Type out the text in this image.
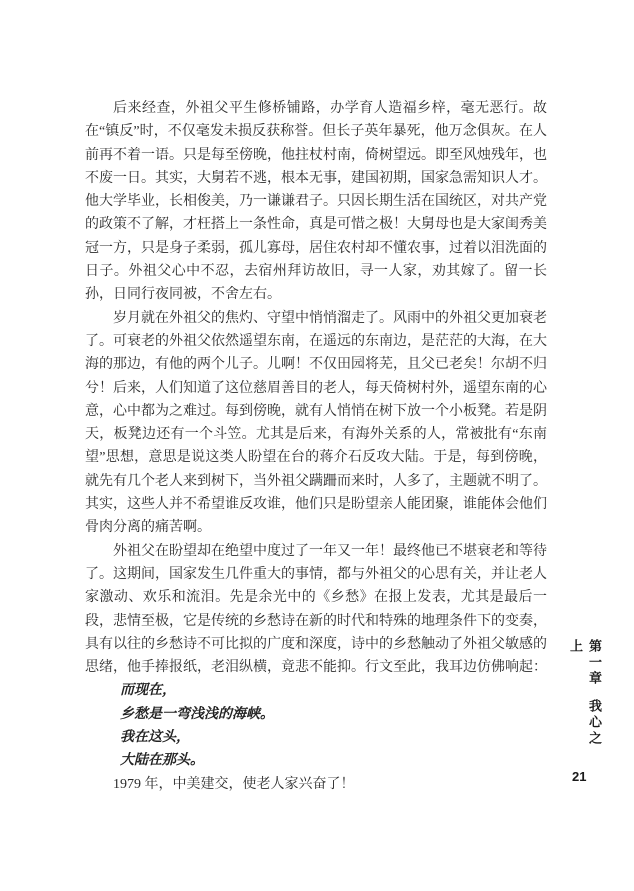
后来经查，外祖父平生修桥铺路，办学育人造福乡梓，毫无恶行。故在“镇反”时，不仅毫发未损反获称誉。但长子英年暴死，他万念俱灰。在人前再不着一语。只是每至傍晚，他拄杖村南，倚树望远。即至风烛残年，也不废一日。其实，大舅若不逃，根本无事，建国初期，国家急需知识人才。他大学毕业，长相俊美，乃一谦谦君子。只因长期生活在国统区，对共产党的政策不了解，才枉搭上一条性命，真是可惜之极！大舅母也是大家闺秀美冠一方，只是身子柔弱，孤儿寡母，居住农村却不懂农事，过着以泪洗面的日子。外祖父心中不忍，去宿州拜访故旧，寻一人家，劝其嫁了。留一长孙，日同行夜同被，不舍左右。

岁月就在外祖父的焦灼、守望中悄悄溜走了。风雨中的外祖父更加衰老了。可衰老的外祖父依然遥望东南，在遥远的东南边，是茫茫的大海，在大海的那边，有他的两个儿子。儿啊！不仅田园将芜，且父已老矣！尔胡不归兮！后来，人们知道了这位慈眉善目的老人，每天倚树村外，遥望东南的心意，心中都为之难过。每到傍晚，就有人悄悄在树下放一个小板凳。若是阴天，板凳边还有一个斗笠。尤其是后来，有海外关系的人，常被批有“东南望”思想，意思是说这类人盼望在台的蒋介石反攻大陆。于是，每到傍晚，就先有几个老人来到树下，当外祖父蹒跚而来时，人多了，主题就不明了。其实，这些人并不希望谁反攻谁，他们只是盼望亲人能团聚，谁能体会他们骨肉分离的痛苦啊。

外祖父在盼望却在绝望中度过了一年又一年！最终他已不堪衰老和等待了。这期间，国家发生几件重大的事情，都与外祖父的心思有关，并让老人家激动、欢乐和流泪。先是余光中的《乡愁》在报上发表，尤其是最后一段，悲情至极，它是传统的乡愁诗在新的时代和特殊的地理条件下的变奏，具有以往的乡愁诗不可比拟的广度和深度，诗中的乡愁触动了外祖父敏感的思绪，他手捧报纸，老泪纵横，竟悲不能抑。行文至此，我耳边仿佛响起：

而现在，
乡愁是一弯浅浅的海峡。
我在这头，
大陆在那头。

1979 年，中美建交，使老人家兴奋了！

第一章我心之上
21
